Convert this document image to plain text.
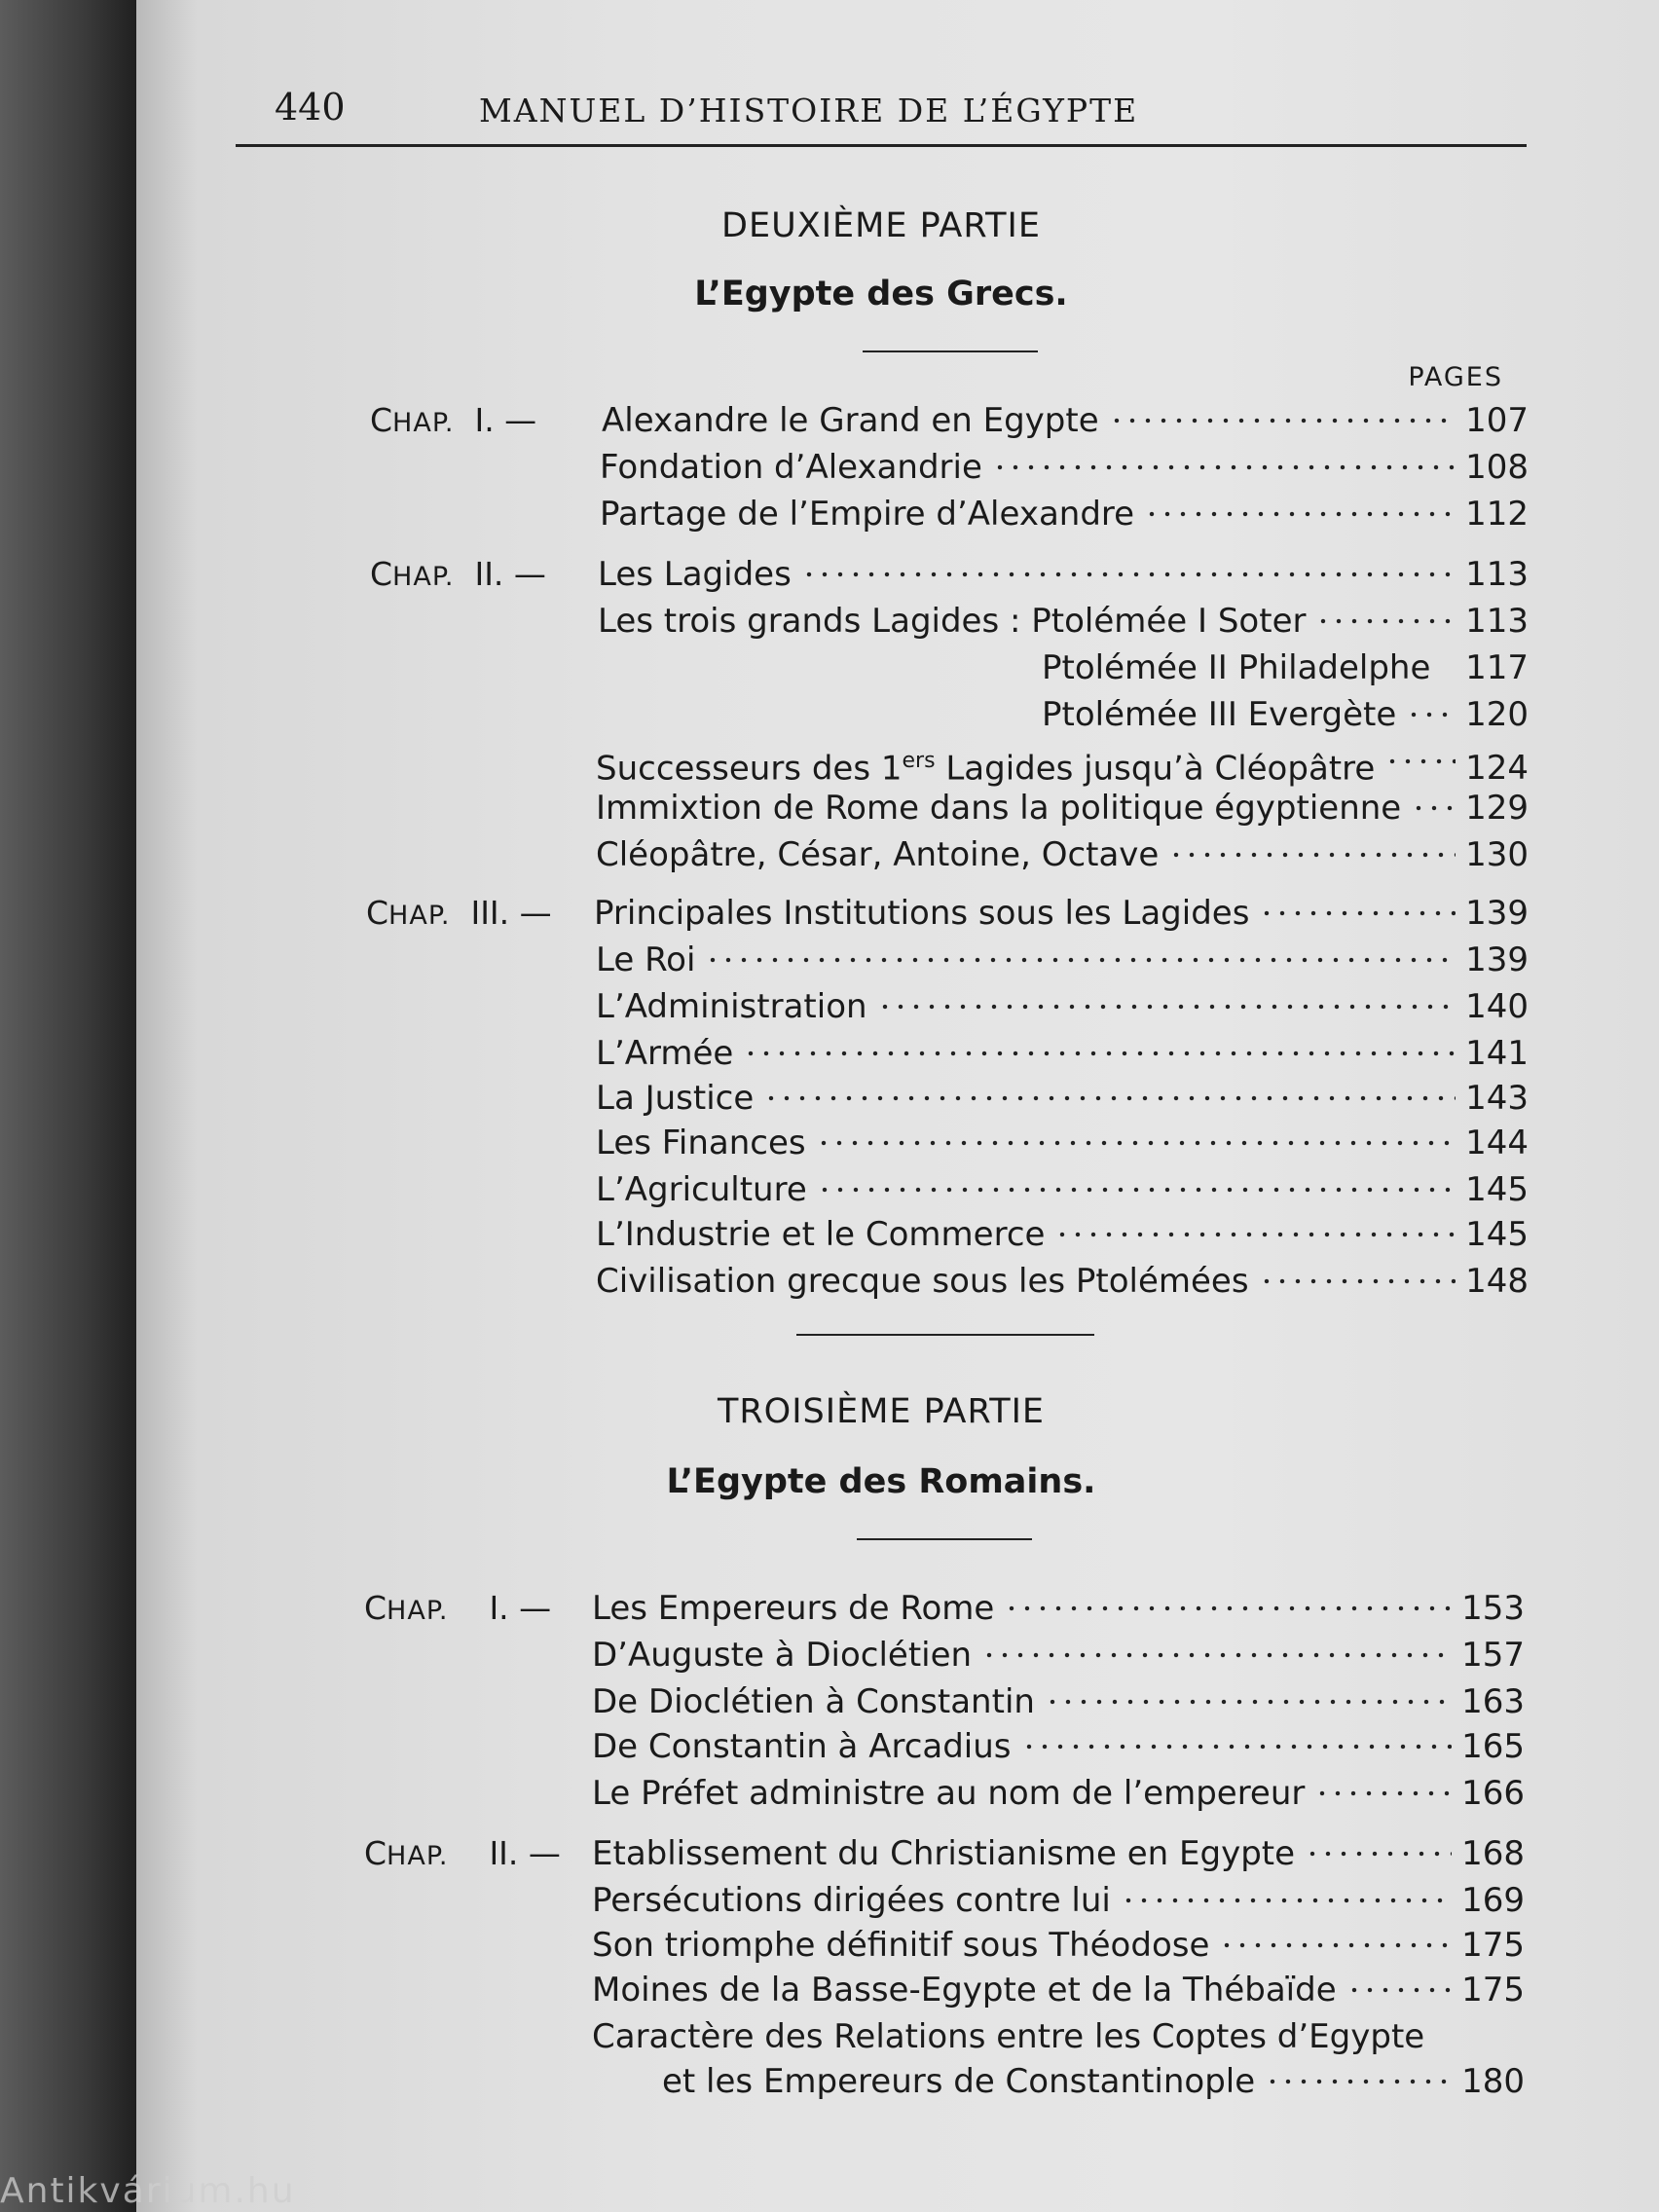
440	MANUEL D’HISTOIRE DE L’ÉGYPTE
DEUXIÈME PARTIE
L’Egypte des Grecs.
PAGES
CHAP. I. — Alexandre le Grand en Egypte	107
Fondation d’Alexandrie	108
Partage de l’Empire d’Alexandre	112
CHAP. II. — Les Lagides	113
Les trois grands Lagides : Ptolémée I Soter	113
Ptolémée II Philadelphe 117
Ptolémée III Evergète 120
Successeurs des 1ers Lagides jusqu’à Cléopâtre	124
Immixtion de Rome dans la politique égyptienne 129
Cléopâtre, César, Antoine, Octave	130
CHAP. III. — Principales Institutions sous les Lagides	139
Le Roi	139
L’Administration	140
L’Armée	141
La Justice	143
Les Finances	144
L’Agriculture	145
L’Industrie et le Commerce	145
Civilisation grecque sous les Ptolémées	148
TROISIÈME PARTIE
L’Egypte des Romains.
CHAP. I. — Les Empereurs de Rome	153
D’Auguste à Dioclétien	157
De Dioclétien à Constantin	163
De Constantin à Arcadius	165
Le Préfet administre au nom de l’empereur	166
CHAP. II. — Etablissement du Christianisme en Egypte	168
Persécutions dirigées contre lui	169
Son triomphe définitif sous Théodose	175
Moines de la Basse-Egypte et de la Thébaïde	175
Caractère des Relations entre les Coptes d’Egypte
et les Empereurs de Constantinople	180
Antikvárium.hu
